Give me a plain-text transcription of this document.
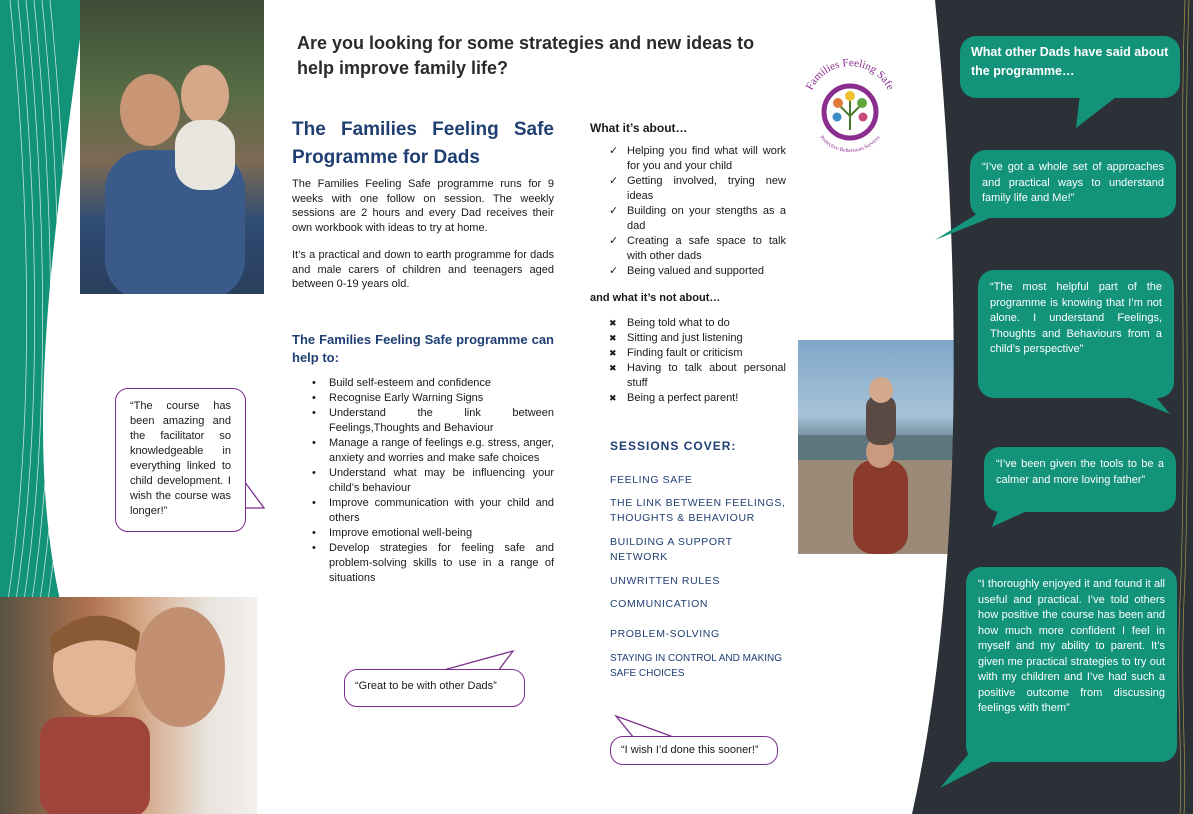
Are you looking for some strategies and new ideas to help improve family life?
The Families Feeling Safe Programme for Dads
The Families Feeling Safe programme runs for 9 weeks with one follow on session. The weekly sessions are 2 hours and every Dad receives their own workbook with ideas to try at home.
It’s a practical and down to earth programme for dads and male carers of children and teenagers aged between 0-19 years old.
The Families Feeling Safe programme can help to:
• Build self-esteem and confidence
• Recognise Early Warning Signs
• Understand the link between Feelings,Thoughts and Behaviour
• Manage a range of feelings e.g. stress, anger, anxiety and worries and make safe choices
• Understand what may be influencing your child’s behaviour
• Improve communication with your child and others
• Improve emotional well-being
• Develop strategies for feeling safe and problem-solving skills to use in a range of situations
What it’s about…
✓ Helping you find what will work for you and your child
✓ Getting involved, trying new ideas
✓ Building on your stengths as a dad
✓ Creating a safe space to talk with other dads
✓ Being valued and supported
and what it’s not about…
✖ Being told what to do
✖ Sitting and just listening
✖ Finding fault or criticism
✖ Having to talk about personal stuff
✖ Being a perfect parent!
SESSIONS COVER:
FEELING SAFE
THE LINK BETWEEN FEELINGS, THOUGHTS & BEHAVIOUR
BUILDING A SUPPORT NETWORK
UNWRITTEN RULES
COMMUNICATION
PROBLEM-SOLVING
STAYING IN CONTROL AND MAKING SAFE CHOICES
Families Feeling Safe
Protective Behaviours Services
What other Dads have said about the programme…
“I’ve got a whole set of approaches and practical ways to understand family life and Me!”
“The most helpful part of the programme is knowing that I’m not alone. I understand Feelings, Thoughts and Behaviours from a child’s perspective”
“I’ve been given the tools to be a calmer and more loving father”
“I thoroughly enjoyed it and found it all useful and practical. I’ve told others how positive the course has been and how much more confident I feel in myself and my ability to parent. It’s given me practical strategies to try out with my children and I’ve had such a positive outcome from discussing feelings with them”
“The course has been amazing and the facilitator so knowledgeable in everything linked to child development. I wish the course was longer!”
“Great to be with other Dads”
“I wish I’d done this sooner!”
